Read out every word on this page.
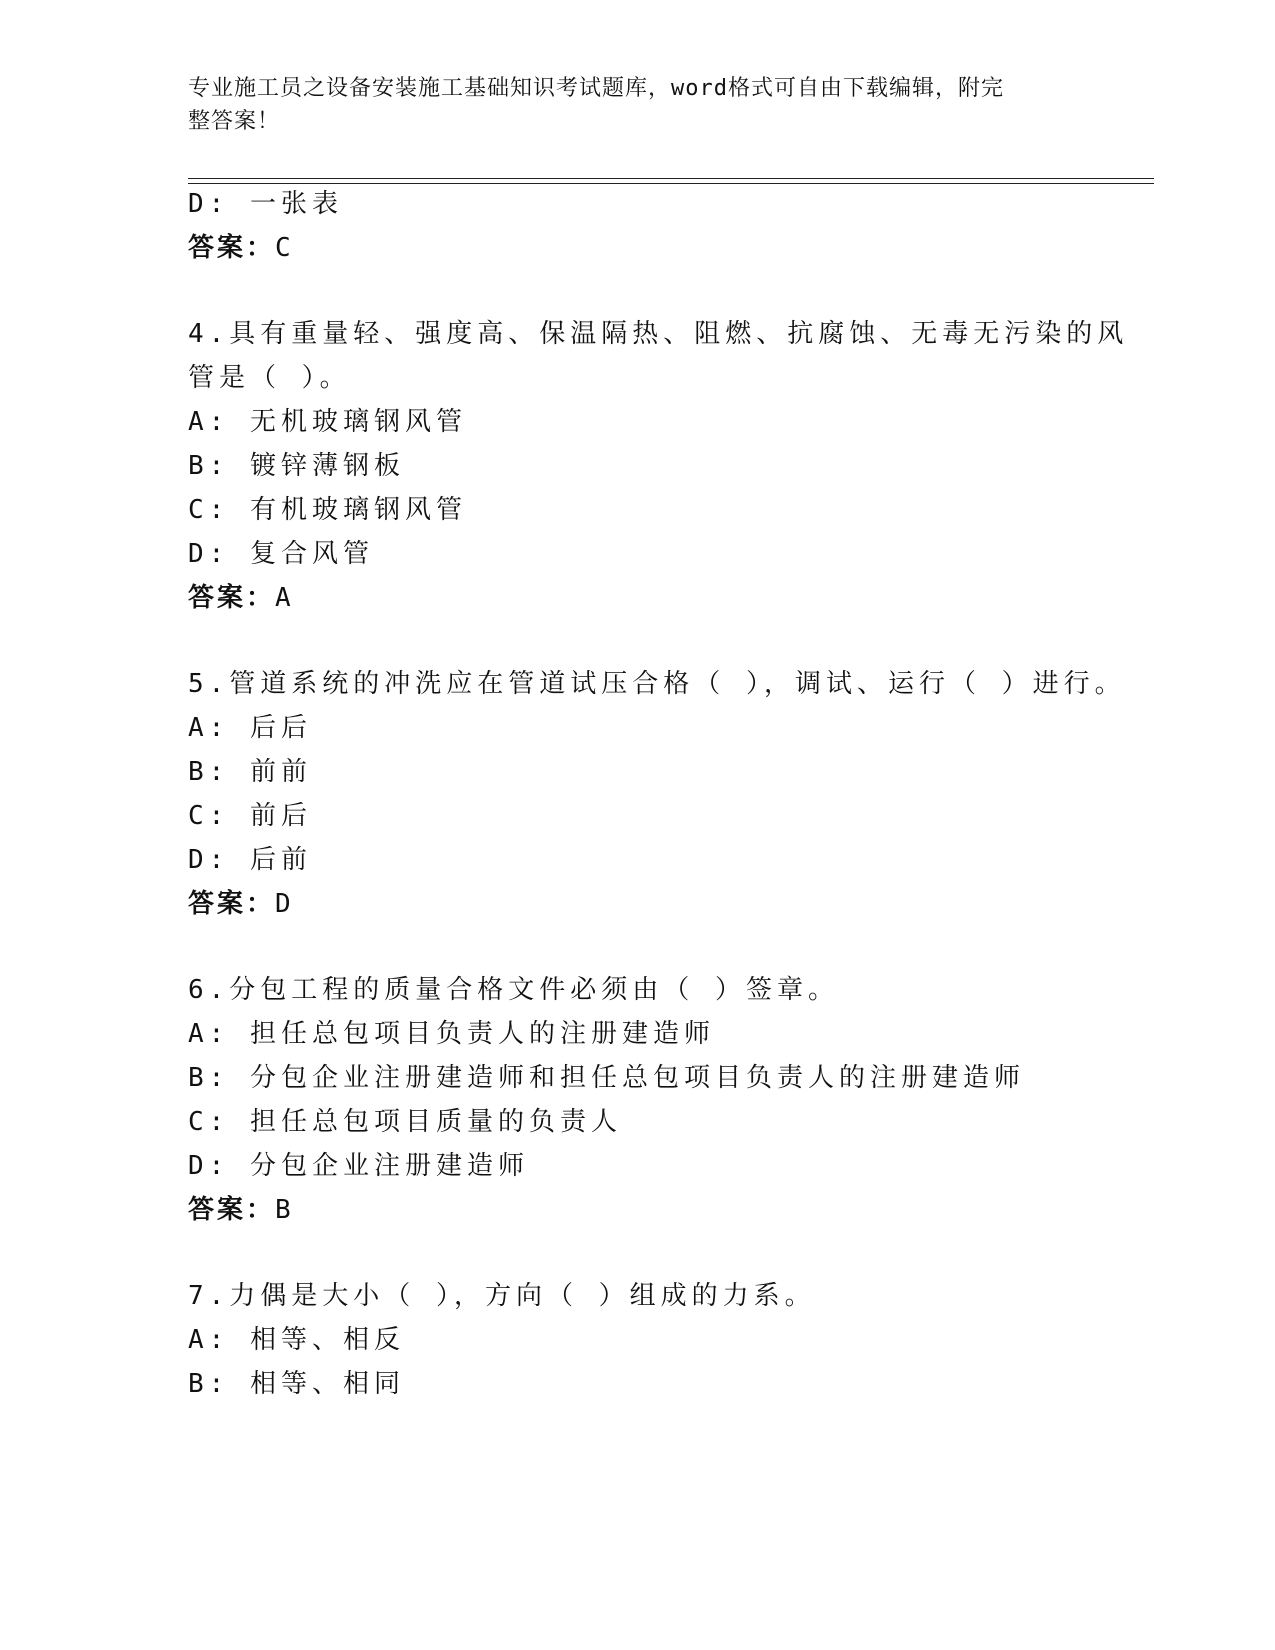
专业施工员之设备安装施工基础知识考试题库，word格式可自由下载编辑，附完
整答案！
D: 一张表
答案：C
4.具有重量轻、强度高、保温隔热、阻燃、抗腐蚀、无毒无污染的风
管是（ ）。
A: 无机玻璃钢风管
B: 镀锌薄钢板
C: 有机玻璃钢风管
D: 复合风管
答案：A
5.管道系统的冲洗应在管道试压合格（ ），调试、运行（ ）进行。
A: 后后
B: 前前
C: 前后
D: 后前
答案：D
6.分包工程的质量合格文件必须由（ ）签章。
A: 担任总包项目负责人的注册建造师
B: 分包企业注册建造师和担任总包项目负责人的注册建造师
C: 担任总包项目质量的负责人
D: 分包企业注册建造师
答案：B
7.力偶是大小（ ），方向（ ）组成的力系。
A: 相等、相反
B: 相等、相同
